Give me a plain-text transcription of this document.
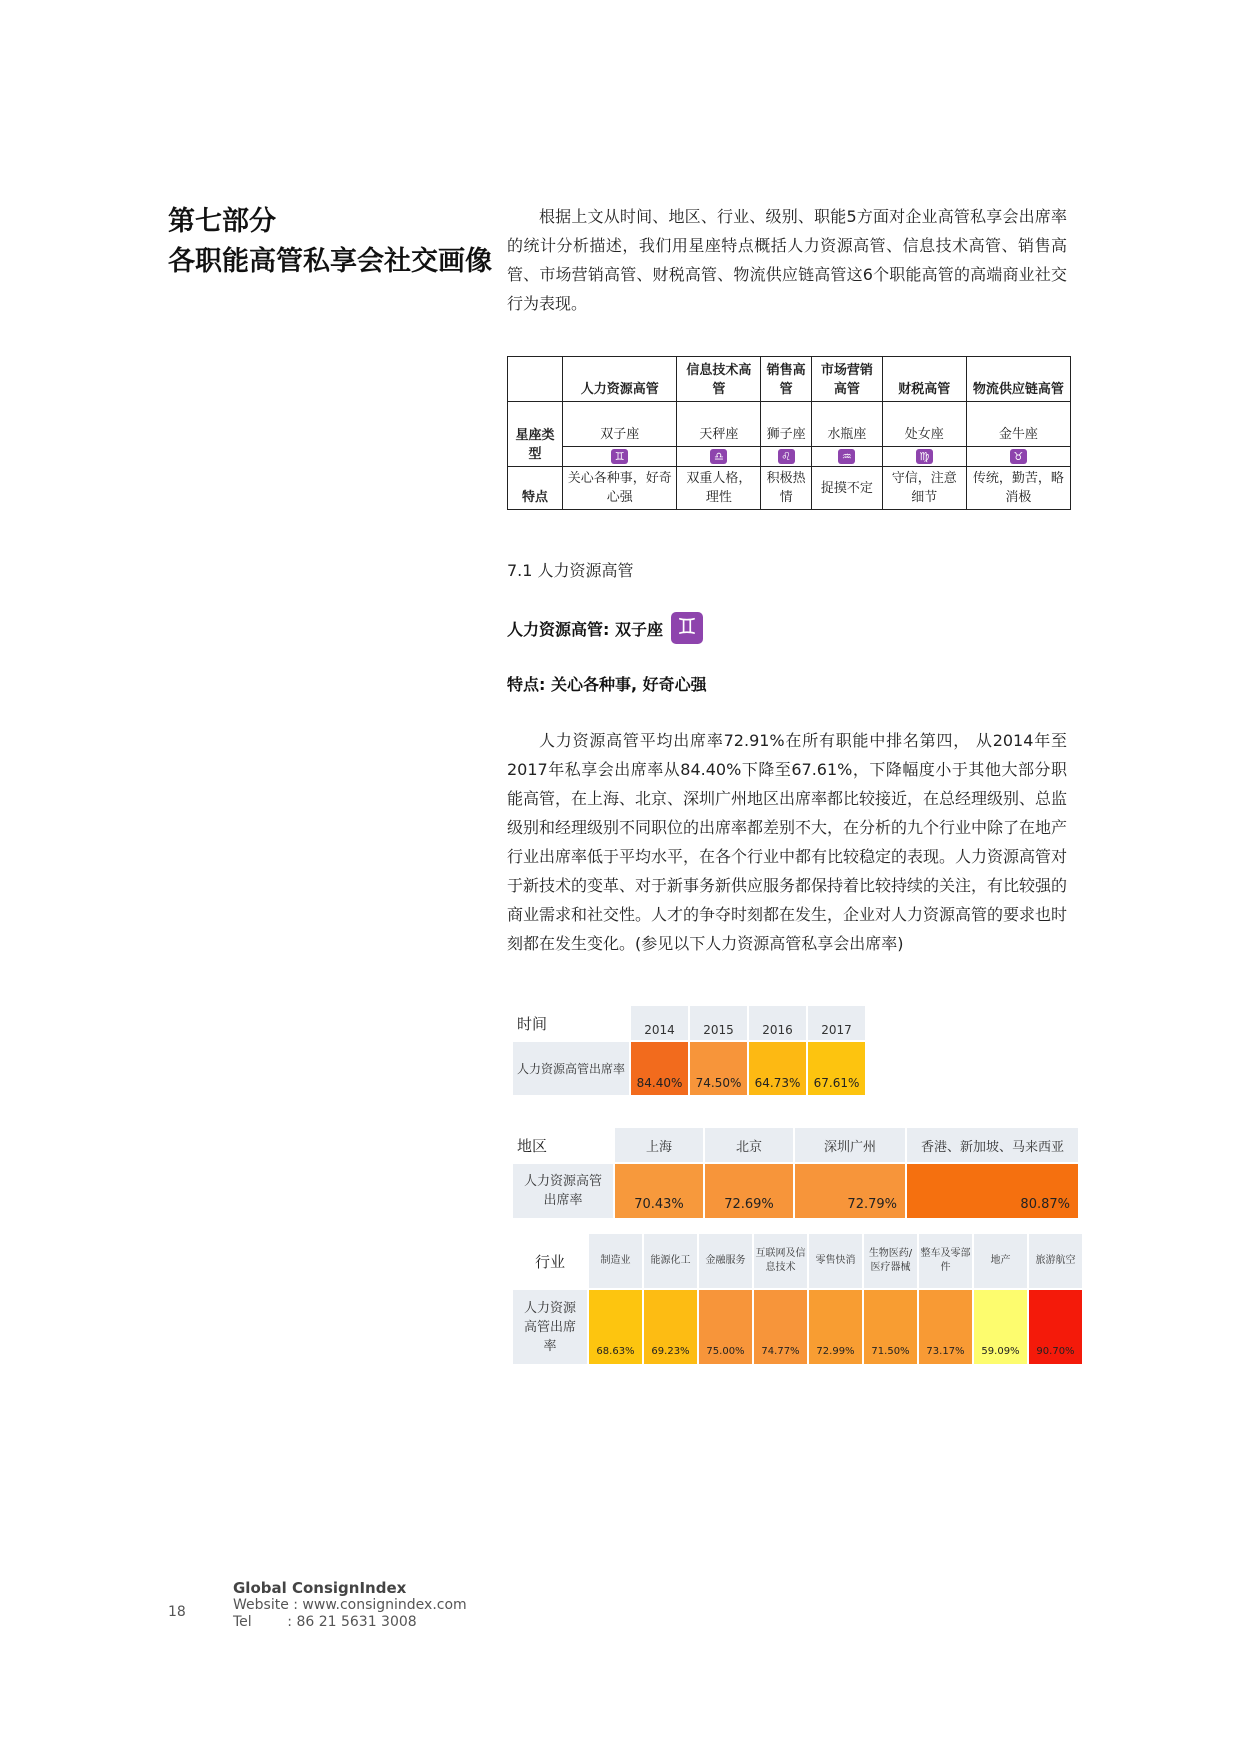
第七部分
各职能高管私享会社交画像

根据上文从时间、地区、行业、级别、职能5方面对企业高管私享会出席率的统计分析描述，我们用星座特点概括人力资源高管、信息技术高管、销售高管、市场营销高管、财税高管、物流供应链高管这6个职能高管的高端商业社交行为表现。

	人力资源高管	信息技术高管	销售高管	市场营销高管	财税高管	物流供应链高管
星座类型	双子座	天秤座	狮子座	水瓶座	处女座	金牛座
	♊	♎	♌	♒	♍	♉
特点	关心各种事，好奇心强	双重人格，理性	积极热情	捉摸不定	守信，注意细节	传统，勤苦，略消极
7.1 人力资源高管
人力资源高管: 双子座 ♊
特点: 关心各种事, 好奇心强

人力资源高管平均出席率72.91%在所有职能中排名第四， 从2014年至2017年私享会出席率从84.40%下降至67.61%，下降幅度小于其他大部分职能高管，在上海、北京、深圳广州地区出席率都比较接近，在总经理级别、总监级别和经理级别不同职位的出席率都差别不大，在分析的九个行业中除了在地产行业出席率低于平均水平，在各个行业中都有比较稳定的表现。人力资源高管对于新技术的变革、对于新事务新供应服务都保持着比较持续的关注，有比较强的商业需求和社交性。人才的争夺时刻都在发生，企业对人力资源高管的要求也时刻都在发生变化。(参见以下人力资源高管私享会出席率)

时间	2014	2015	2016	2017
人力资源高管出席率	84.40%	74.50%	64.73%	67.61%
地区	上海	北京	深圳广州	香港、新加坡、马来西亚
人力资源高管出席率	70.43%	72.69%	72.79%	80.87%
行业	制造业	能源化工	金融服务	互联网及信息技术	零售快消	生物医药/医疗器械	整车及零部件	地产	旅游航空
人力资源高管出席率	68.63%	69.23%	75.00%	74.77%	72.99%	71.50%	73.17%	59.09%	90.70%
18
Global ConsignIndex
Website : www.consignindex.com
Tel        : 86 21 5631 3008
